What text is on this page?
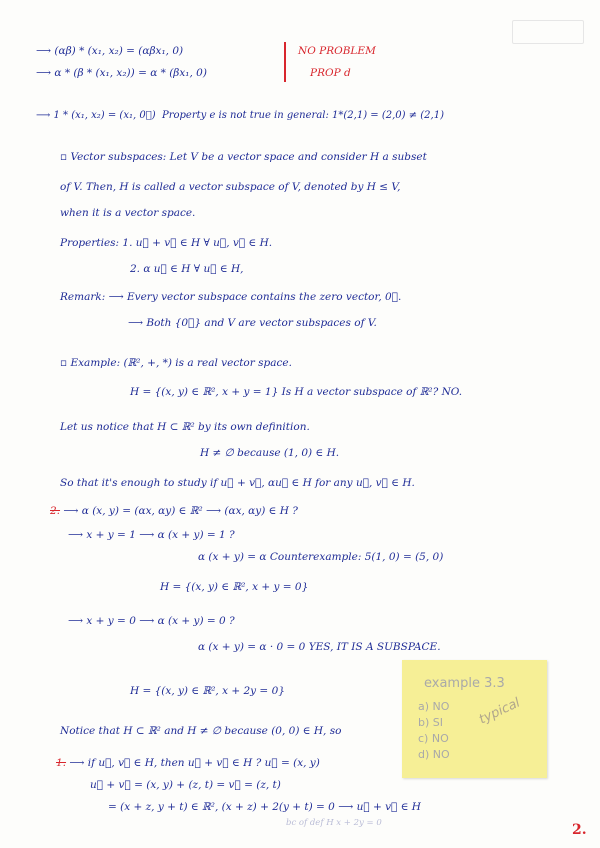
⟶ (αβ) * (x₁, x₂) = (αβx₁, 0)
⟶ α * (β * (x₁, x₂)) = α * (βx₁, 0)
NO PROBLEM
PROP d
⟶ 1 * (x₁, x₂) = (x₁, 0⃗) Property e is not true in general: 1*(2,1) = (2,0) ≠ (2,1)
▫ Vector subspaces: Let V be a vector space and consider H a subset
of V. Then, H is called a vector subspace of V, denoted by H ≤ V,
when it is a vector space.
Properties: 1. u⃗ + v⃗ ∈ H ∀ u⃗, v⃗ ∈ H.
2. α u⃗ ∈ H ∀ u⃗ ∈ H,
Remark: ⟶ Every vector subspace contains the zero vector, 0⃗.
⟶ Both {0⃗} and V are vector subspaces of V.
▫ Example: (ℝ², +, *) is a real vector space.
H = {(x, y) ∈ ℝ², x + y = 1} Is H a vector subspace of ℝ²? NO.
Let us notice that H ⊂ ℝ² by its own definition.
H ≠ ∅ because (1, 0) ∈ H.
So that it's enough to study if u⃗ + v⃗, αu⃗ ∈ H for any u⃗, v⃗ ∈ H.
2. ⟶ α (x, y) = (αx, αy) ∈ ℝ² ⟶ (αx, αy) ∈ H ?
⟶ x + y = 1 ⟶ α (x + y) = 1 ?
α (x + y) = α Counterexample: 5(1, 0) = (5, 0)
H = {(x, y) ∈ ℝ², x + y = 0}
⟶ x + y = 0 ⟶ α (x + y) = 0 ?
α (x + y) = α · 0 = 0 YES, IT IS A SUBSPACE.
H = {(x, y) ∈ ℝ², x + 2y = 0}
Notice that H ⊂ ℝ² and H ≠ ∅ because (0, 0) ∈ H, so
1. ⟶ if u⃗, v⃗ ∈ H, then u⃗ + v⃗ ∈ H ? u⃗ = (x, y)
u⃗ + v⃗ = (x, y) + (z, t) = v⃗ = (z, t)
= (x + z, y + t) ∈ ℝ², (x + z) + 2(y + t) = 0 ⟶ u⃗ + v⃗ ∈ H
bc of def H x + 2y = 0
example 3.3
a) NO
b) SI
c) NO
d) NO
typical
2.
